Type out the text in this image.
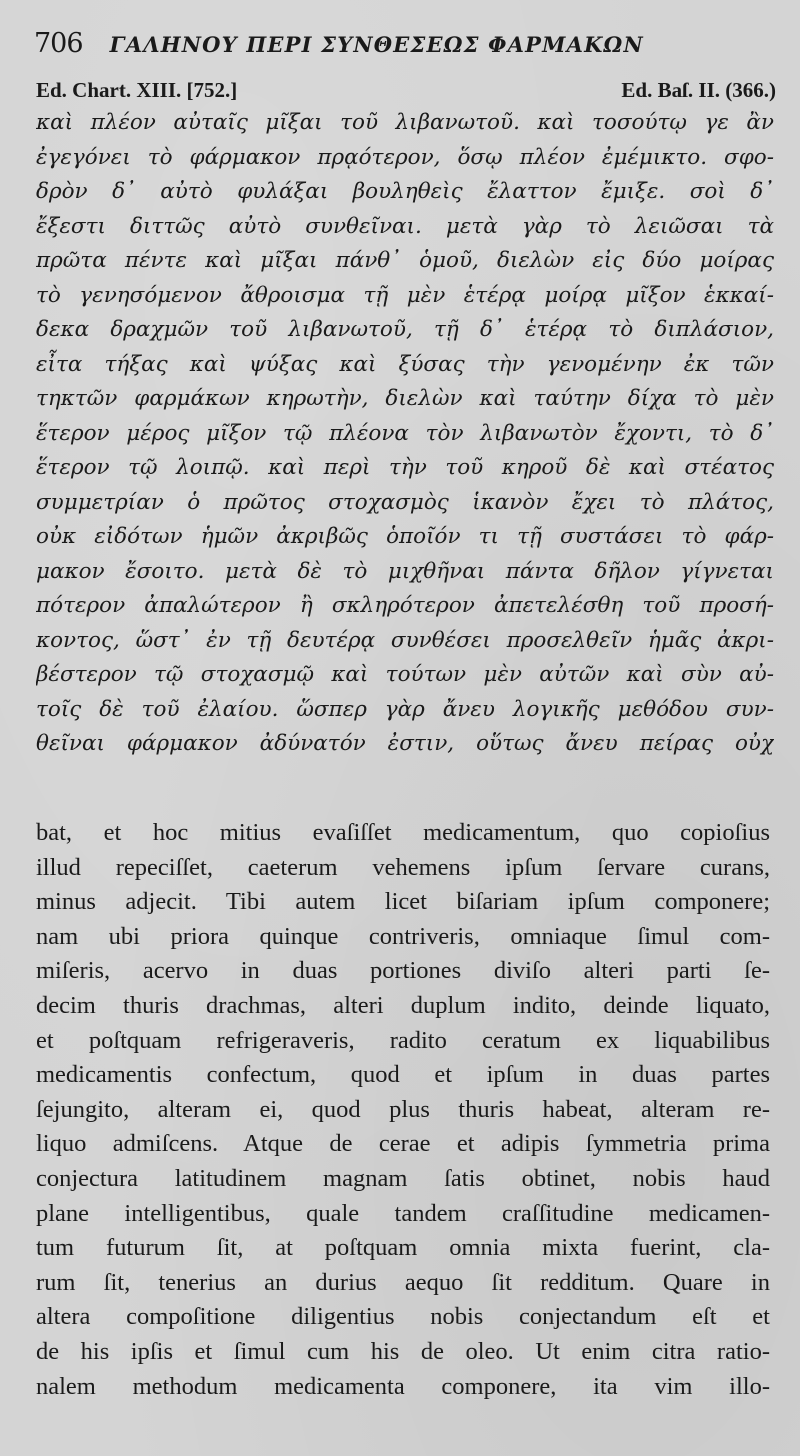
706 ΓΑΛΗΝΟΥ ΠΕΡΙ ΣΥΝΘΕΣΕΩΣ ΦΑΡΜΑΚΩΝ
Ed. Chart. XIII. [752.]	Ed. Baſ. II. (366.)
καὶ πλέον αὐταῖς μῖξαι τοῦ λιβανωτοῦ. καὶ τοσούτῳ γε ἂν
ἐγεγόνει τὸ φάρμακον πρᾳότερον, ὅσῳ πλέον ἐμέμικτο. σφο-
δρὸν δ᾽ αὐτὸ φυλάξαι βουληθεὶς ἔλαττον ἔμιξε. σοὶ δ᾽
ἔξεστι διττῶς αὐτὸ συνθεῖναι. μετὰ γὰρ τὸ λειῶσαι τὰ
πρῶτα πέντε καὶ μῖξαι πάνθ᾽ ὁμοῦ, διελὼν εἰς δύο μοίρας
τὸ γενησόμενον ἄθροισμα τῇ μὲν ἑτέρᾳ μοίρᾳ μῖξον ἑκκαί-
δεκα δραχμῶν τοῦ λιβανωτοῦ, τῇ δ᾽ ἑτέρᾳ τὸ διπλάσιον,
εἶτα τήξας καὶ ψύξας καὶ ξύσας τὴν γενομένην ἐκ τῶν
τηκτῶν φαρμάκων κηρωτὴν, διελὼν καὶ ταύτην δίχα τὸ μὲν
ἕτερον μέρος μῖξον τῷ πλέονα τὸν λιβανωτὸν ἔχοντι, τὸ δ᾽
ἕτερον τῷ λοιπῷ. καὶ περὶ τὴν τοῦ κηροῦ δὲ καὶ στέατος
συμμετρίαν ὁ πρῶτος στοχασμὸς ἱκανὸν ἔχει τὸ πλάτος,
οὐκ εἰδότων ἡμῶν ἀκριβῶς ὁποῖόν τι τῇ συστάσει τὸ φάρ-
μακον ἔσοιτο. μετὰ δὲ τὸ μιχθῆναι πάντα δῆλον γίγνεται
πότερον ἀπαλώτερον ἢ σκληρότερον ἀπετελέσθη τοῦ προσή-
κοντος, ὥστ᾽ ἐν τῇ δευτέρᾳ συνθέσει προσελθεῖν ἡμᾶς ἀκρι-
βέστερον τῷ στοχασμῷ καὶ τούτων μὲν αὐτῶν καὶ σὺν αὐ-
τοῖς δὲ τοῦ ἐλαίου. ὥσπερ γὰρ ἄνευ λογικῆς μεθόδου συν-
θεῖναι φάρμακον ἀδύνατόν ἐστιν, οὕτως ἄνευ πείρας οὐχ
bat, et hoc mitius evaſiſſet medicamentum, quo copioſius
illud repeciſſet, caeterum vehemens ipſum ſervare curans,
minus adjecit. Tibi autem licet biſariam ipſum componere;
nam ubi priora quinque contriveris, omniaque ſimul com-
miſeris, acervo in duas portiones diviſo alteri parti ſe-
decim thuris drachmas, alteri duplum indito, deinde liquato,
et poſtquam refrigeraveris, radito ceratum ex liquabilibus
medicamentis confectum, quod et ipſum in duas partes
ſejungito, alteram ei, quod plus thuris habeat, alteram re-
liquo admiſcens. Atque de cerae et adipis ſymmetria prima
conjectura latitudinem magnam ſatis obtinet, nobis haud
plane intelligentibus, quale tandem craſſitudine medicamen-
tum futurum ſit, at poſtquam omnia mixta fuerint, cla-
rum ſit, tenerius an durius aequo ſit redditum. Quare in
altera compoſitione diligentius nobis conjectandum eſt et
de his ipſis et ſimul cum his de oleo. Ut enim citra ratio-
nalem methodum medicamenta componere, ita vim illo-
